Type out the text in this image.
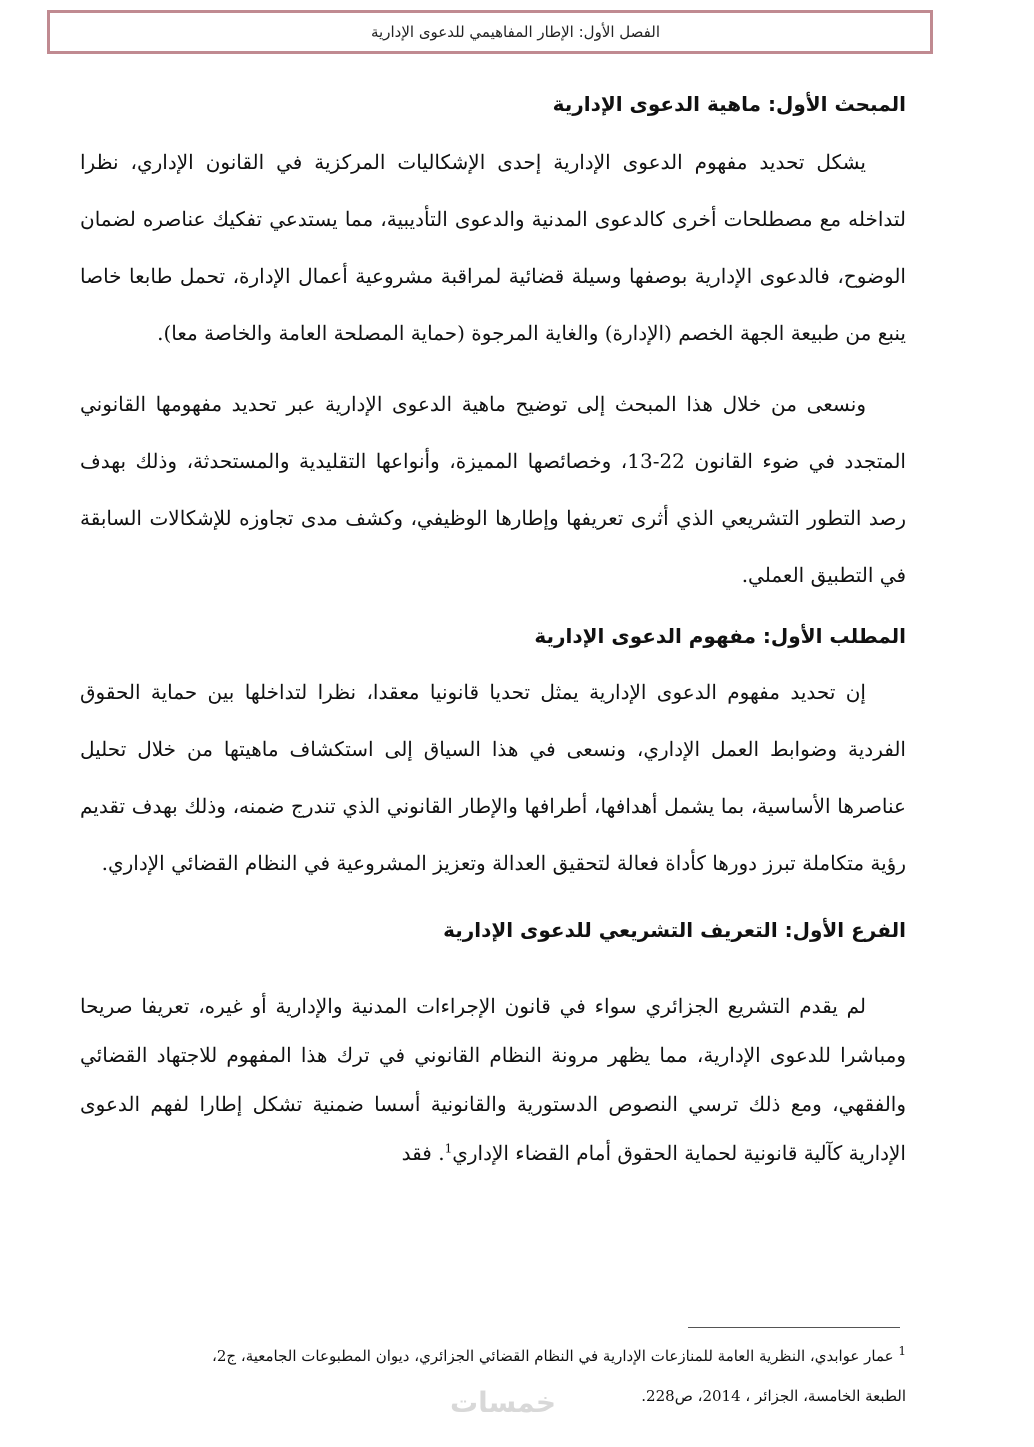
الفصل الأول: الإطار المفاهيمي للدعوى الإدارية
المبحث الأول: ماهية الدعوى الإدارية

يشكل تحديد مفهوم الدعوى الإدارية إحدى الإشكاليات المركزية في القانون الإداري، نظرا لتداخله مع مصطلحات أخرى كالدعوى المدنية والدعوى التأديبية، مما يستدعي تفكيك عناصره لضمان الوضوح، فالدعوى الإدارية بوصفها وسيلة قضائية لمراقبة مشروعية أعمال الإدارة، تحمل طابعا خاصا ينبع من طبيعة الجهة الخصم (الإدارة) والغاية المرجوة (حماية المصلحة العامة والخاصة معا).

ونسعى من خلال هذا المبحث إلى توضيح ماهية الدعوى الإدارية عبر تحديد مفهومها القانوني المتجدد في ضوء القانون 22-13، وخصائصها المميزة، وأنواعها التقليدية والمستحدثة، وذلك بهدف رصد التطور التشريعي الذي أثرى تعريفها وإطارها الوظيفي، وكشف مدى تجاوزه للإشكالات السابقة في التطبيق العملي.

المطلب الأول: مفهوم الدعوى الإدارية

إن تحديد مفهوم الدعوى الإدارية يمثل تحديا قانونيا معقدا، نظرا لتداخلها بين حماية الحقوق الفردية وضوابط العمل الإداري، ونسعى في هذا السياق إلى استكشاف ماهيتها من خلال تحليل عناصرها الأساسية، بما يشمل أهدافها، أطرافها والإطار القانوني الذي تندرج ضمنه، وذلك بهدف تقديم رؤية متكاملة تبرز دورها كأداة فعالة لتحقيق العدالة وتعزيز المشروعية في النظام القضائي الإداري.

الفرع الأول: التعريف التشريعي للدعوى الإدارية

لم يقدم التشريع الجزائري سواء في قانون الإجراءات المدنية والإدارية أو غيره، تعريفا صريحا ومباشرا للدعوى الإدارية، مما يظهر مرونة النظام القانوني في ترك هذا المفهوم للاجتهاد القضائي والفقهي، ومع ذلك ترسي النصوص الدستورية والقانونية أسسا ضمنية تشكل إطارا لفهم الدعوى الإدارية كآلية قانونية لحماية الحقوق أمام القضاء الإداري$^1$. فقد

$^1$ عمار عوابدي، النظرية العامة للمنازعات الإدارية في النظام القضائي الجزائري، ديوان المطبوعات الجامعية، ج2،
الطبعة الخامسة، الجزائر ، 2014، ص228.
خمسات
